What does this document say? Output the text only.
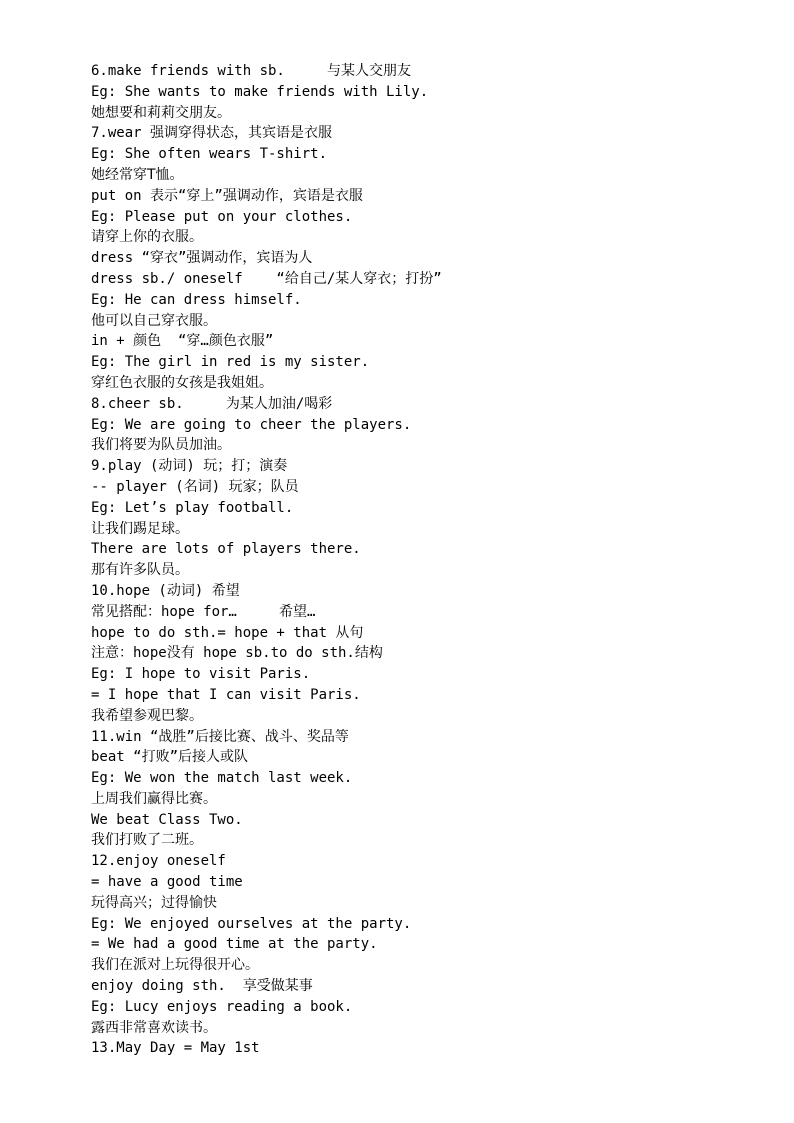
6.make friends with sb.     与某人交朋友
Eg: She wants to make friends with Lily.
她想要和莉莉交朋友。
7.wear 强调穿得状态，其宾语是衣服
Eg: She often wears T-shirt.
她经常穿T恤。
put on 表示“穿上”强调动作，宾语是衣服
Eg: Please put on your clothes.
请穿上你的衣服。
dress “穿衣”强调动作，宾语为人
dress sb./ oneself    “给自己/某人穿衣；打扮”
Eg: He can dress himself.
他可以自己穿衣服。
in + 颜色  “穿…颜色衣服”
Eg: The girl in red is my sister.
穿红色衣服的女孩是我姐姐。
8.cheer sb.     为某人加油/喝彩
Eg: We are going to cheer the players.
我们将要为队员加油。
9.play (动词) 玩；打；演奏
-- player (名词) 玩家；队员
Eg: Let’s play football.
让我们踢足球。
There are lots of players there.
那有许多队员。
10.hope (动词) 希望
常见搭配：hope for…     希望…
hope to do sth.= hope + that 从句
注意：hope没有 hope sb.to do sth.结构
Eg: I hope to visit Paris.
= I hope that I can visit Paris.
我希望参观巴黎。
11.win “战胜”后接比赛、战斗、奖品等
beat “打败”后接人或队
Eg: We won the match last week.
上周我们赢得比赛。
We beat Class Two.
我们打败了二班。
12.enjoy oneself
= have a good time
玩得高兴；过得愉快
Eg: We enjoyed ourselves at the party.
= We had a good time at the party.
我们在派对上玩得很开心。
enjoy doing sth.  享受做某事
Eg: Lucy enjoys reading a book.
露西非常喜欢读书。
13.May Day = May 1st
